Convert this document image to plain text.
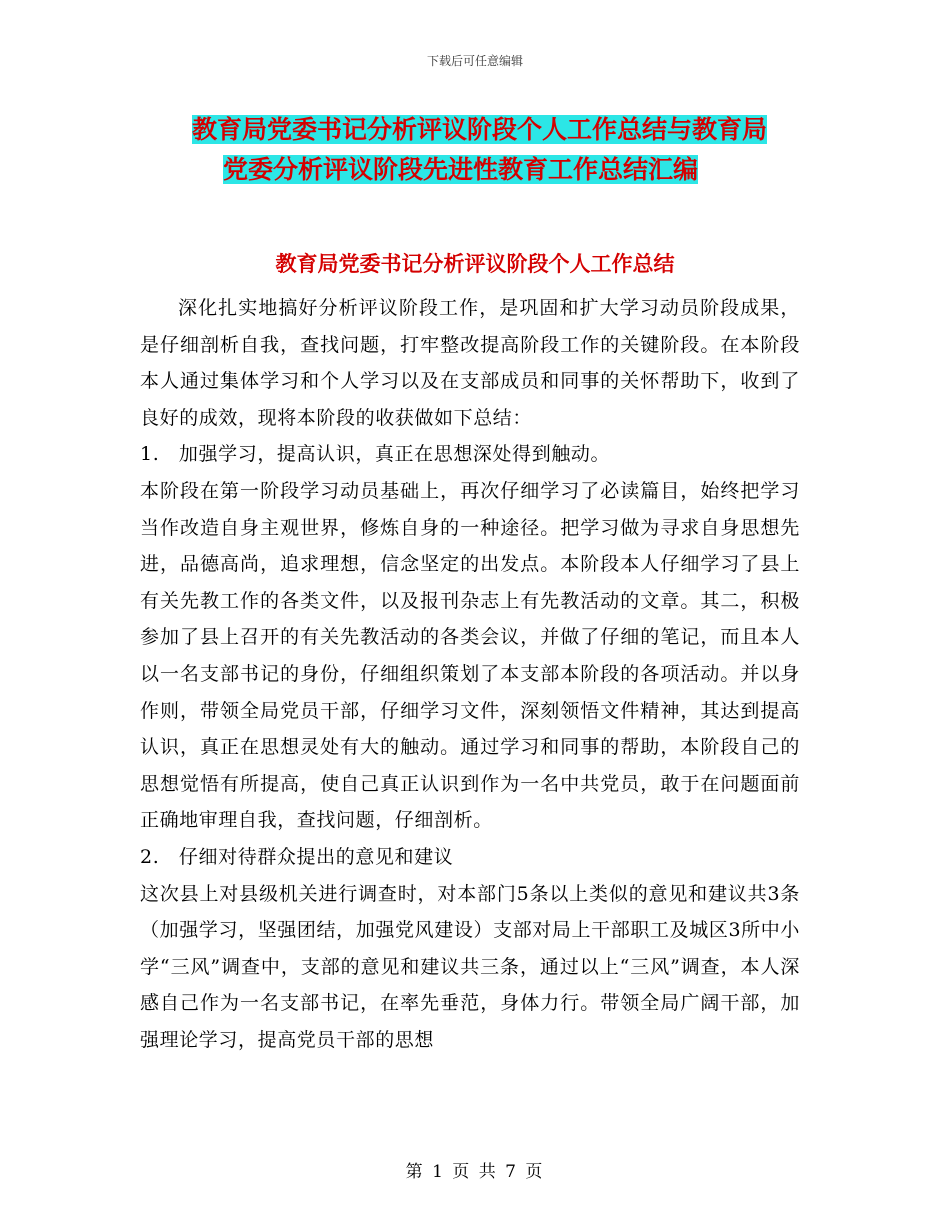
下载后可任意编辑
教育局党委书记分析评议阶段个人工作总结与教育局
党委分析评议阶段先进性教育工作总结汇编
教育局党委书记分析评议阶段个人工作总结

深化扎实地搞好分析评议阶段工作，是巩固和扩大学习动员阶段成果，是仔细剖析自我，查找问题，打牢整改提高阶段工作的关键阶段。在本阶段本人通过集体学习和个人学习以及在支部成员和同事的关怀帮助下，收到了良好的成效，现将本阶段的收获做如下总结：

1.　加强学习，提高认识，真正在思想深处得到触动。

本阶段在第一阶段学习动员基础上，再次仔细学习了必读篇目，始终把学习当作改造自身主观世界，修炼自身的一种途径。把学习做为寻求自身思想先进，品德高尚，追求理想，信念坚定的出发点。本阶段本人仔细学习了县上有关先教工作的各类文件，以及报刊杂志上有先教活动的文章。其二，积极参加了县上召开的有关先教活动的各类会议，并做了仔细的笔记，而且本人以一名支部书记的身份，仔细组织策划了本支部本阶段的各项活动。并以身作则，带领全局党员干部，仔细学习文件，深刻领悟文件精神，其达到提高认识，真正在思想灵处有大的触动。通过学习和同事的帮助，本阶段自己的思想觉悟有所提高，使自己真正认识到作为一名中共党员，敢于在问题面前正确地审理自我，查找问题，仔细剖析。

2.　仔细对待群众提出的意见和建议

这次县上对县级机关进行调查时，对本部门5条以上类似的意见和建议共3条（加强学习，坚强团结，加强党风建设）支部对局上干部职工及城区3所中小学“三风”调查中，支部的意见和建议共三条，通过以上“三风”调查，本人深感自己作为一名支部书记，在率先垂范，身体力行。带领全局广阔干部，加强理论学习，提高党员干部的思想

第 1 页 共 7 页
